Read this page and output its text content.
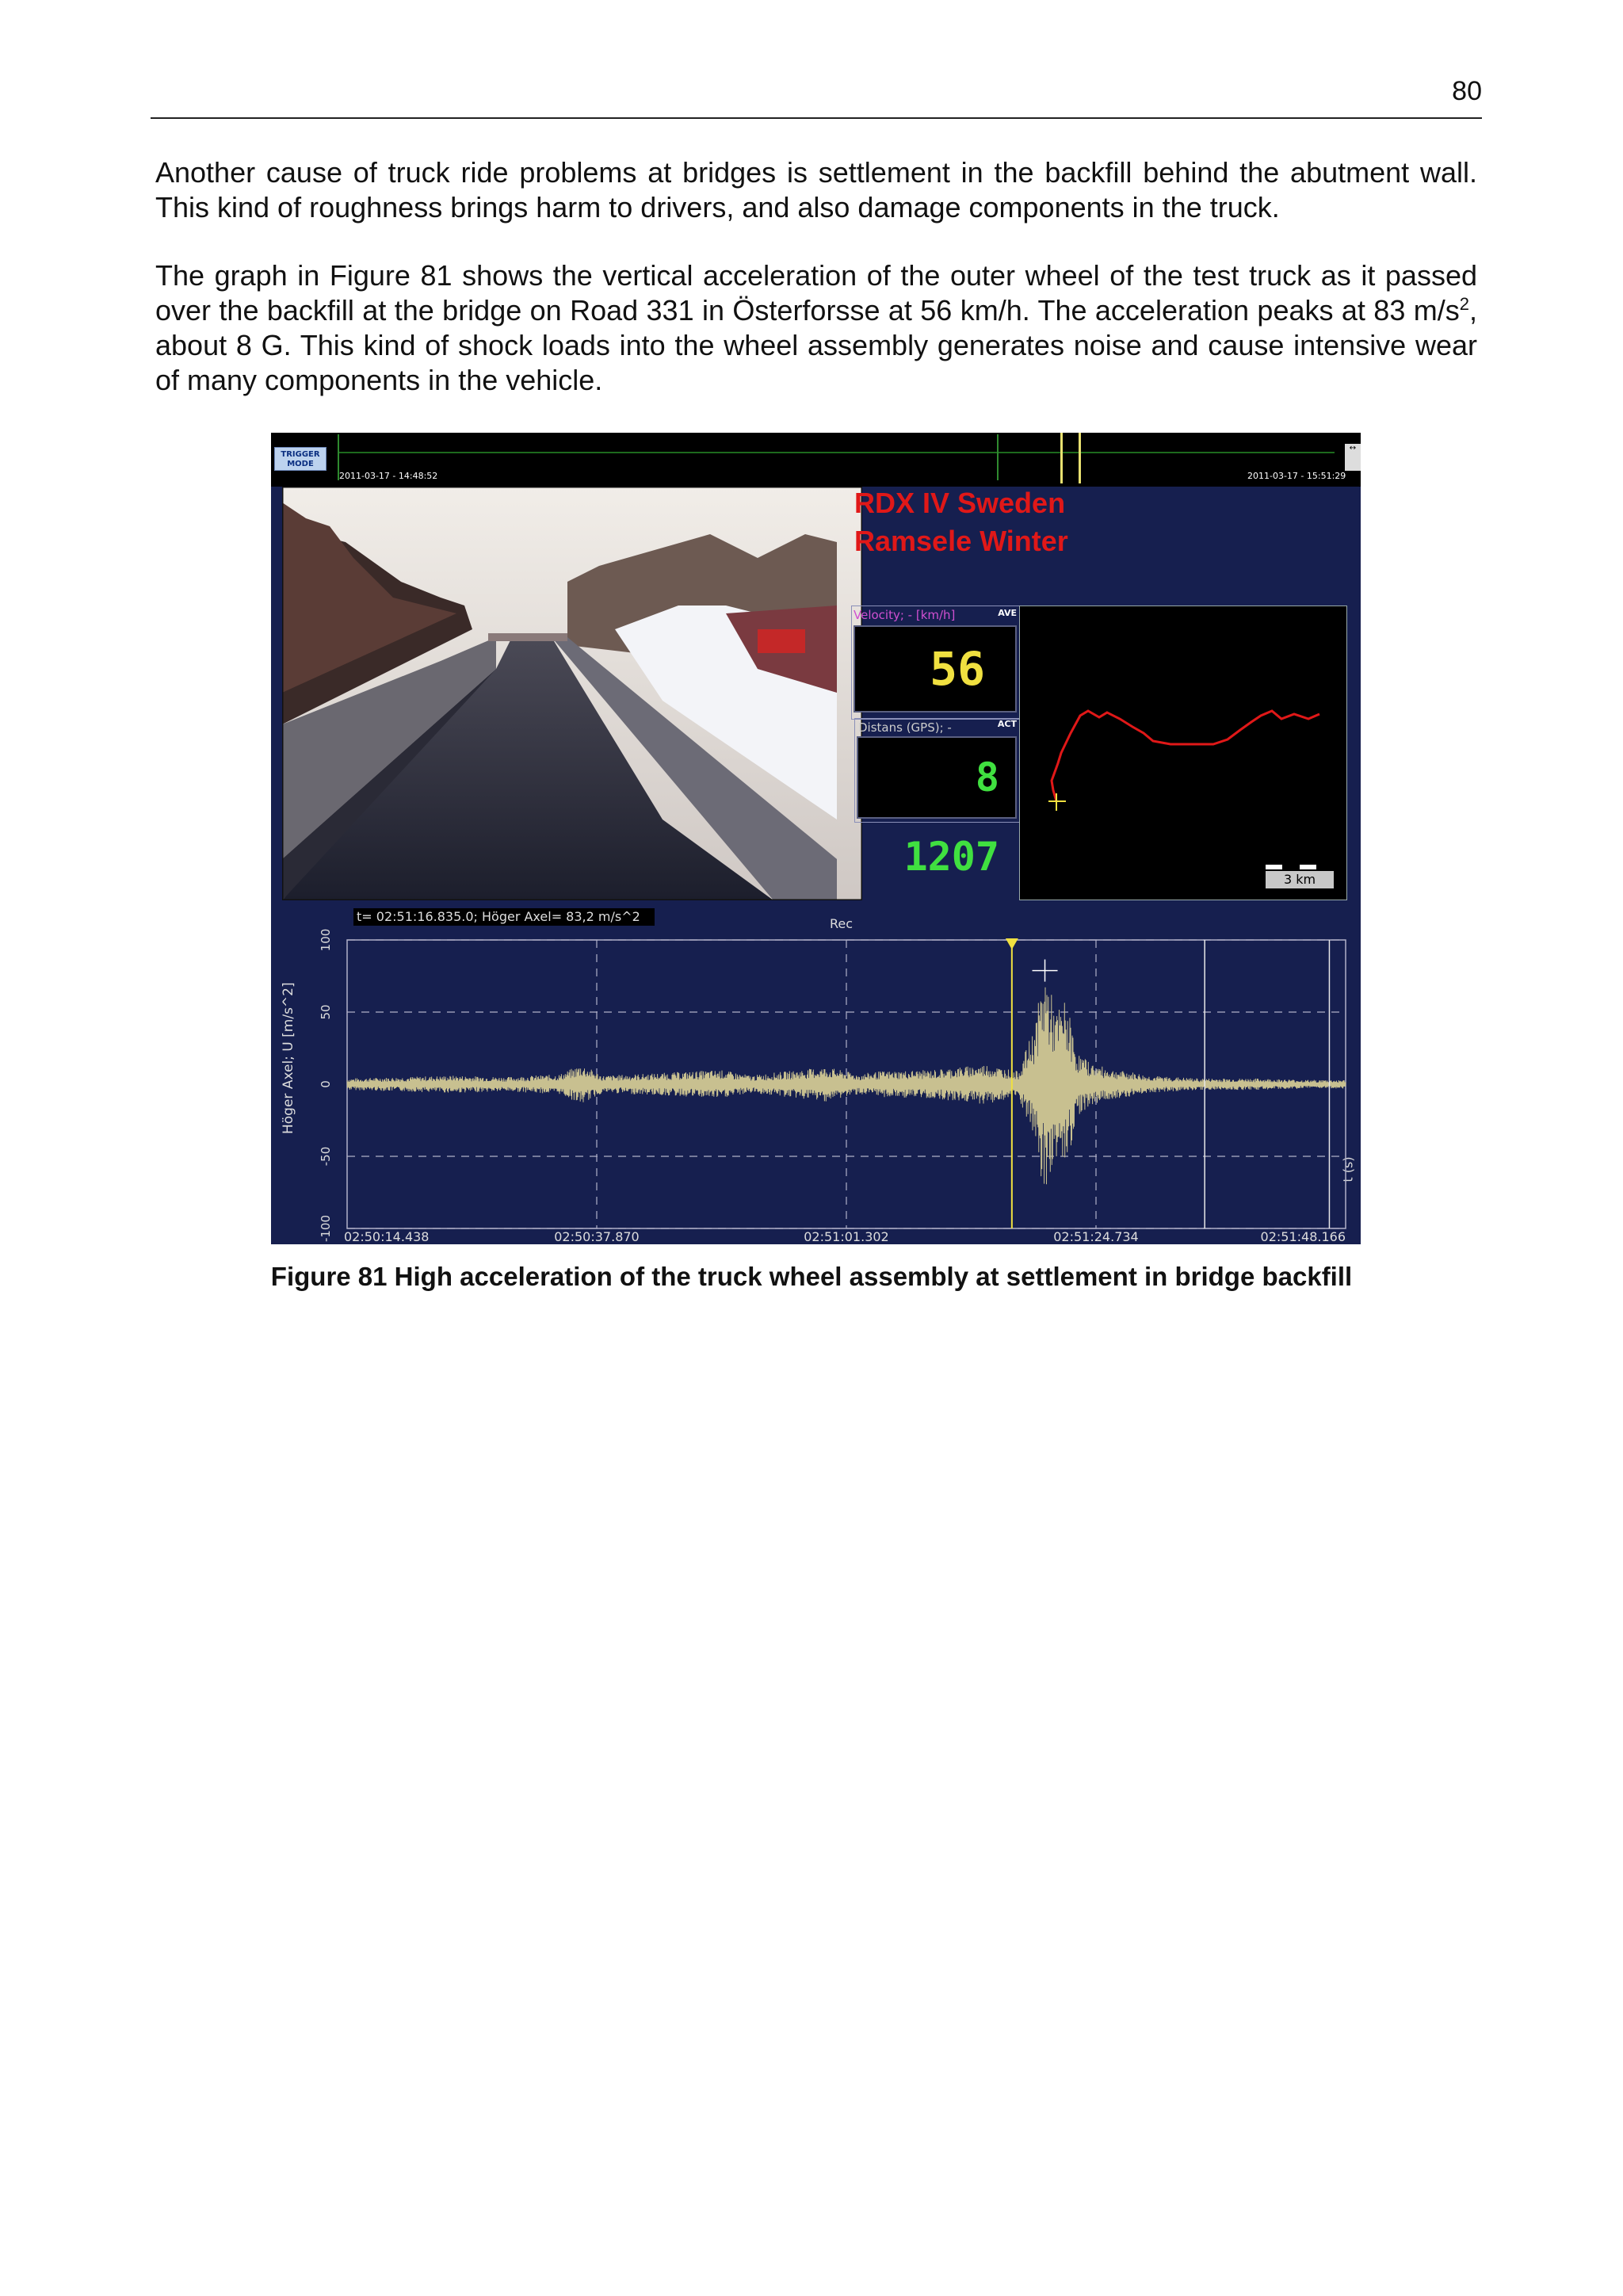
80

Another cause of truck ride problems at bridges is settlement in the backfill behind the abutment wall. This kind of roughness brings harm to drivers, and also damage components in the truck.

The graph in Figure 81 shows the vertical acceleration of the outer wheel of the test truck as it passed over the backfill at the bridge on Road 331 in Österforsse at 56 km/h. The acceleration peaks at 83 $m/s^2$, about 8 G. This kind of shock loads into the wheel assembly generates noise and cause intensive wear of many components in the vehicle.

TRIGGER MODE
2011-03-17 - 14:48:52	2011-03-17 - 15:51:29
↔
RDX IV Sweden
Ramsele Winter
Velocity; - [km/h]	AVE
56
Distans (GPS); -	ACT
8 1207	3 km
t= 02:51:16.835.0; Höger Axel= 83,2 m/s^2	Rec
Höger Axel; U [m/s^2]
t (s)
100
50
0
-50
-100 02:50:14.438	02:50:37.870	02:51:01.302	02:51:24.734	02:51:48.166
Figure 81 High acceleration of the truck wheel assembly at settlement in bridge backfill
